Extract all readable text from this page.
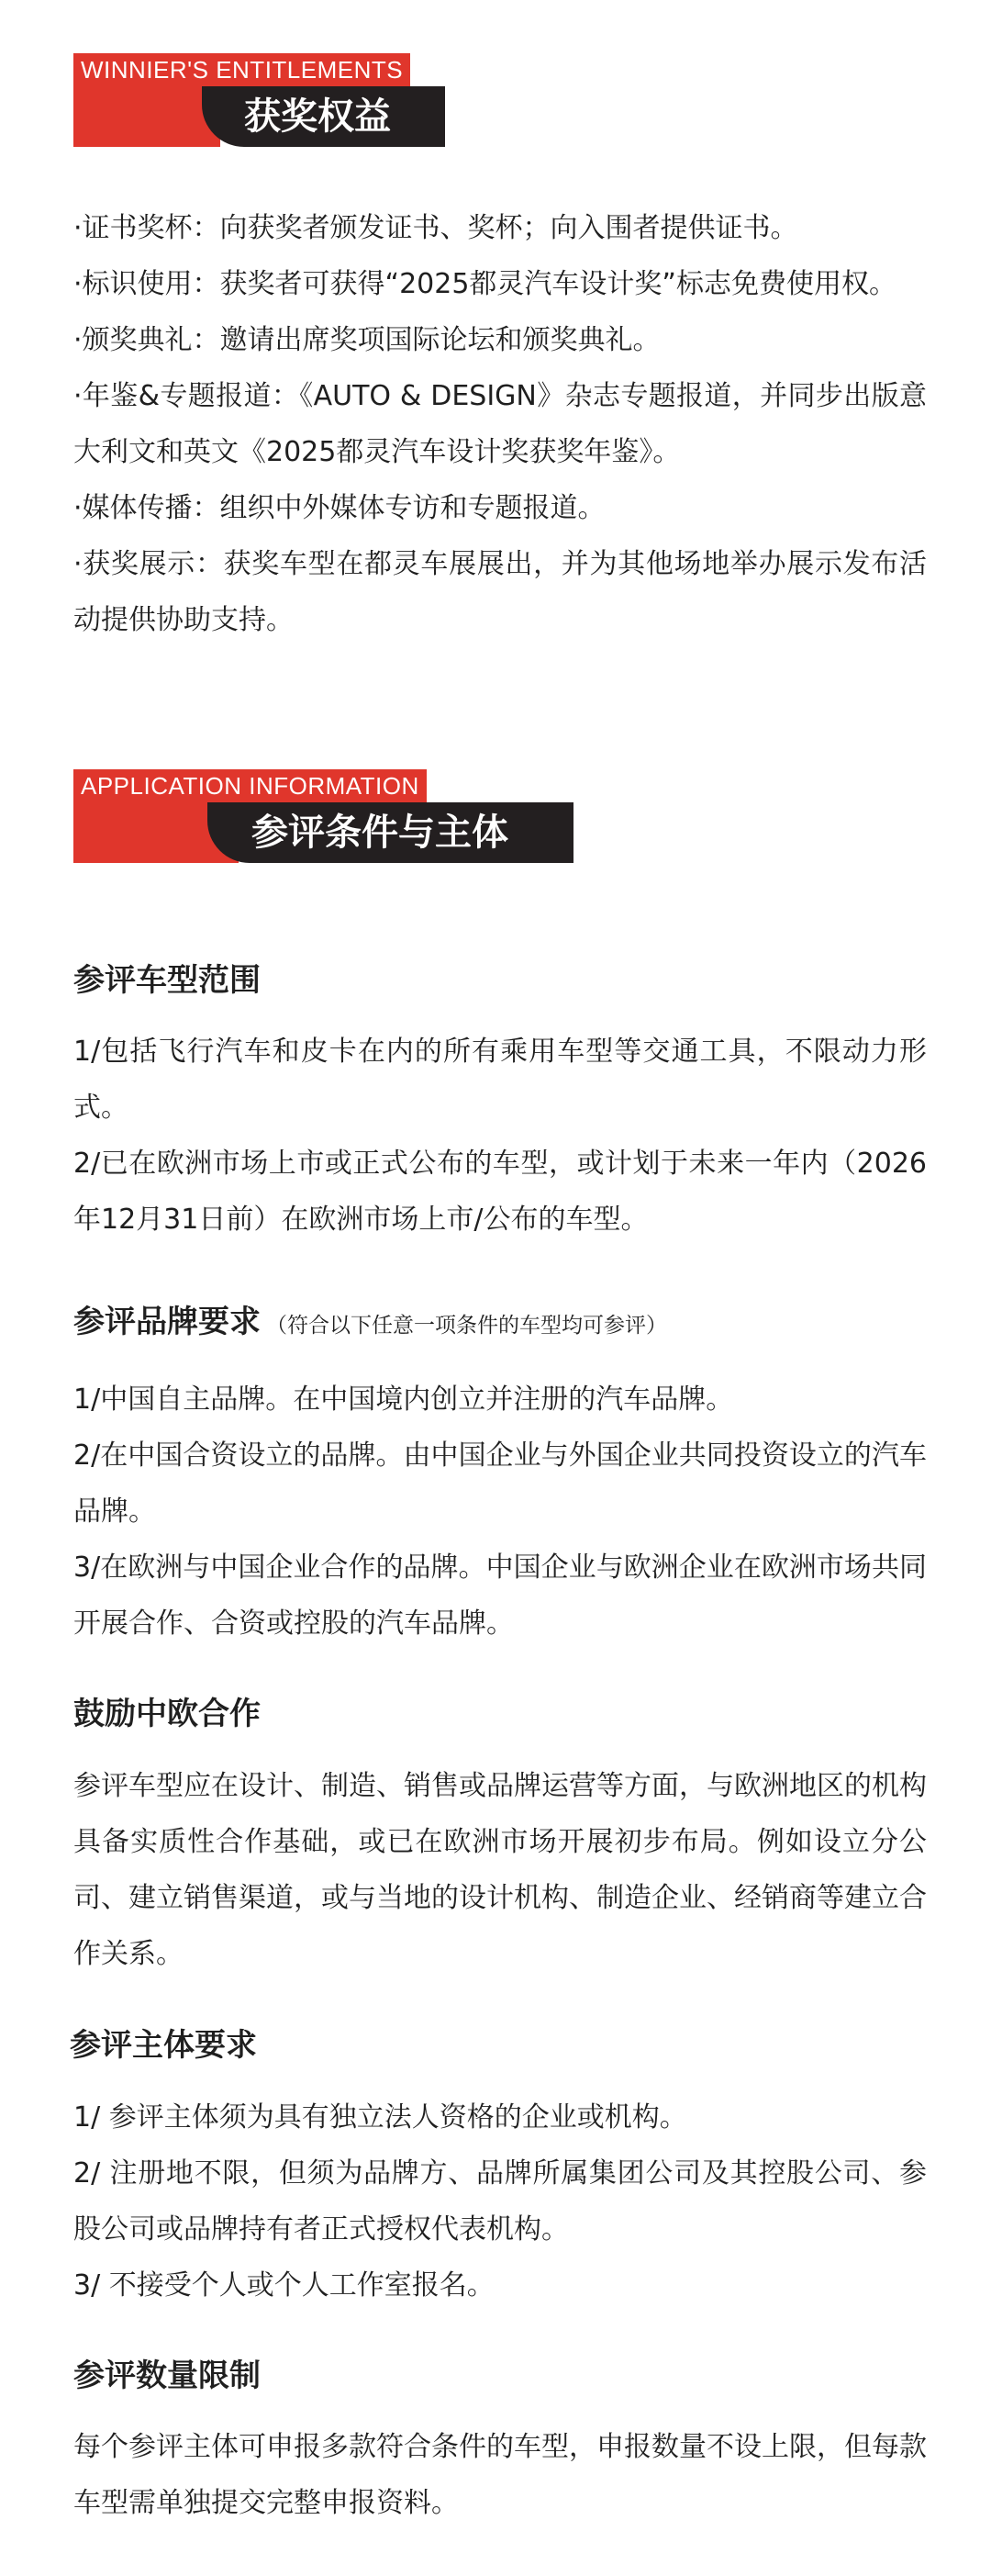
WINNIER'S ENTITLEMENTS
获奖权益

·证书奖杯：向获奖者颁发证书、奖杯；向入围者提供证书。

·标识使用：获奖者可获得“2025都灵汽车设计奖”标志免费使用权。

·颁奖典礼：邀请出席奖项国际论坛和颁奖典礼。

·年鉴&专题报道：《AUTO & DESIGN》杂志专题报道，并同步出版意大利文和英文《2025都灵汽车设计奖获奖年鉴》。

·媒体传播：组织中外媒体专访和专题报道。

·获奖展示：获奖车型在都灵车展展出，并为其他场地举办展示发布活动提供协助支持。

APPLICATION INFORMATION
参评条件与主体
参评车型范围

1/包括飞行汽车和皮卡在内的所有乘用车型等交通工具，不限动力形式。

2/已在欧洲市场上市或正式公布的车型，或计划于未来一年内（2026年12月31日前）在欧洲市场上市/公布的车型。

参评品牌要求 （符合以下任意一项条件的车型均可参评）

1/中国自主品牌。在中国境内创立并注册的汽车品牌。

2/在中国合资设立的品牌。由中国企业与外国企业共同投资设立的汽车品牌。

3/在欧洲与中国企业合作的品牌。中国企业与欧洲企业在欧洲市场共同开展合作、合资或控股的汽车品牌。

鼓励中欧合作

参评车型应在设计、制造、销售或品牌运营等方面，与欧洲地区的机构具备实质性合作基础，或已在欧洲市场开展初步布局。例如设立分公司、建立销售渠道，或与当地的设计机构、制造企业、经销商等建立合作关系。

参评主体要求

1/ 参评主体须为具有独立法人资格的企业或机构。

2/ 注册地不限，但须为品牌方、品牌所属集团公司及其控股公司、参股公司或品牌持有者正式授权代表机构。

3/ 不接受个人或个人工作室报名。

参评数量限制

每个参评主体可申报多款符合条件的车型，申报数量不设上限，但每款车型需单独提交完整申报资料。
